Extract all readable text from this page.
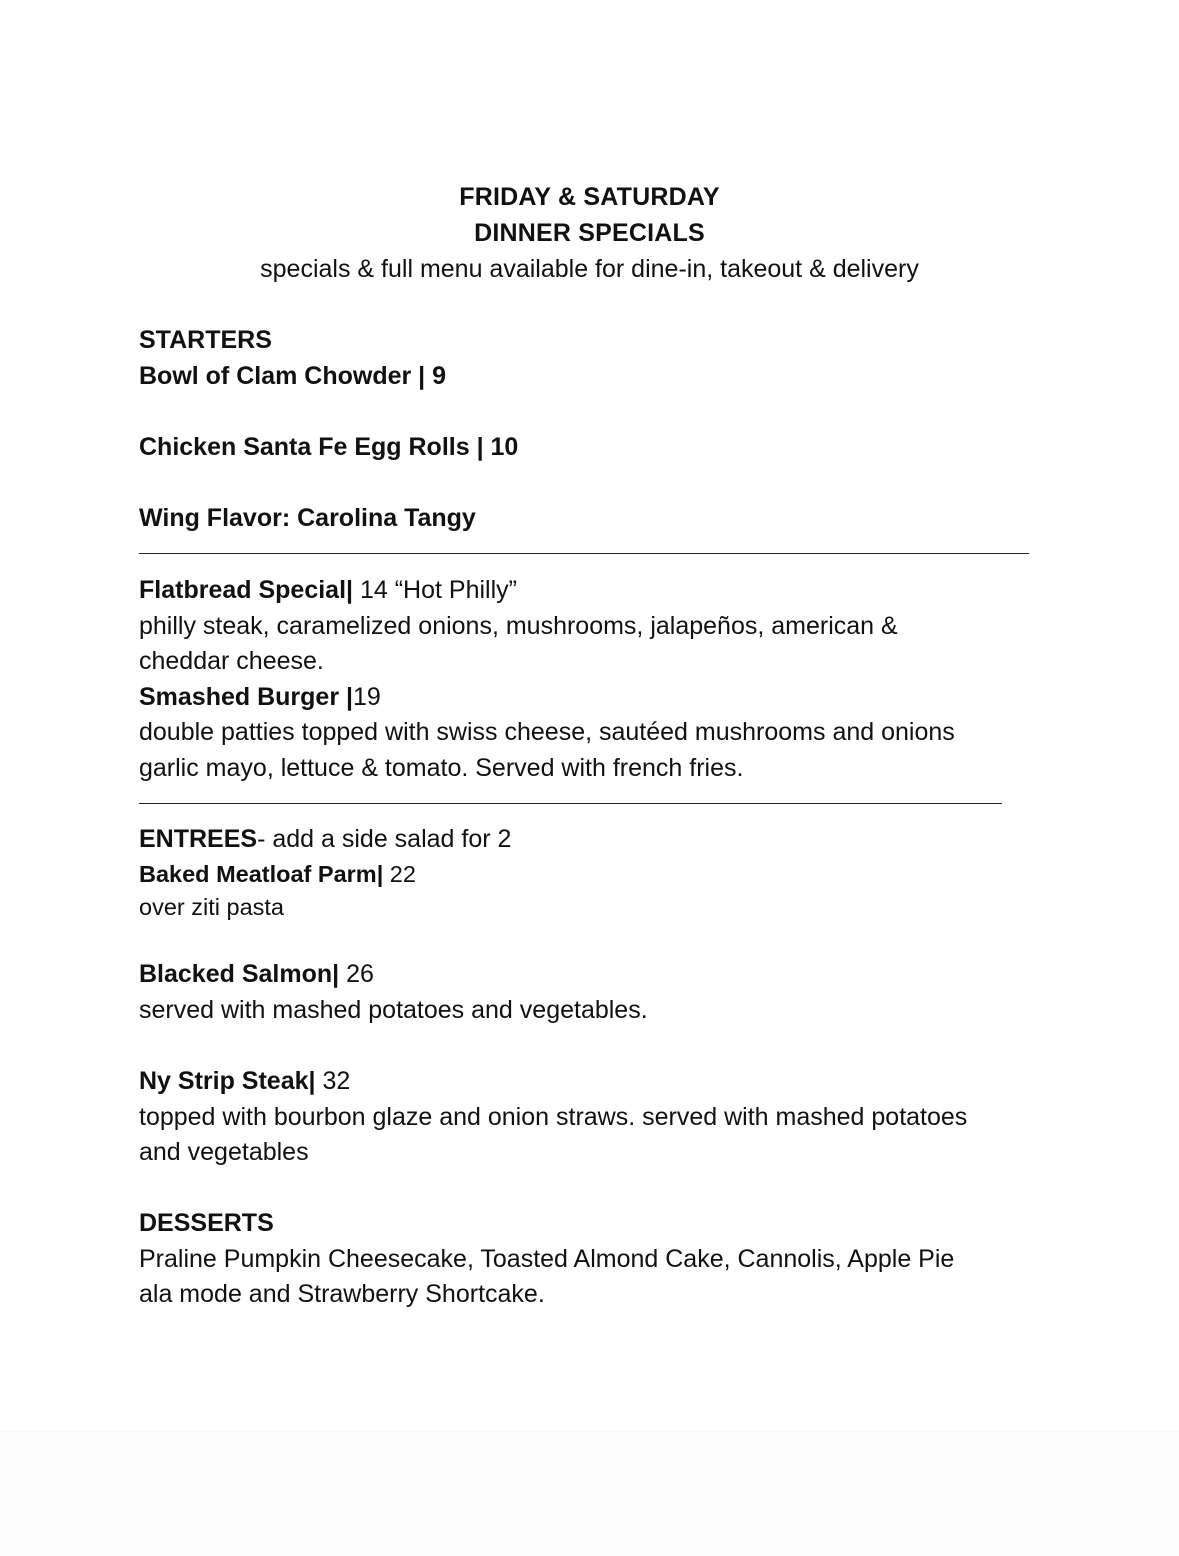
FRIDAY & SATURDAY
DINNER SPECIALS
specials & full menu available for dine-in, takeout & delivery
STARTERS
Bowl of Clam Chowder | 9
Chicken Santa Fe Egg Rolls | 10
Wing Flavor: Carolina Tangy
Flatbread Special| 14 “Hot Philly”
philly steak, caramelized onions, mushrooms, jalapeños, american &
cheddar cheese.
Smashed Burger |19
double patties topped with swiss cheese, sautéed mushrooms and onions
garlic mayo, lettuce & tomato. Served with french fries.
ENTREES- add a side salad for 2
Baked Meatloaf Parm| 22
over ziti pasta
Blacked Salmon| 26
served with mashed potatoes and vegetables.
Ny Strip Steak| 32
topped with bourbon glaze and onion straws. served with mashed potatoes
and vegetables
DESSERTS
Praline Pumpkin Cheesecake, Toasted Almond Cake, Cannolis, Apple Pie
ala mode and Strawberry Shortcake.
